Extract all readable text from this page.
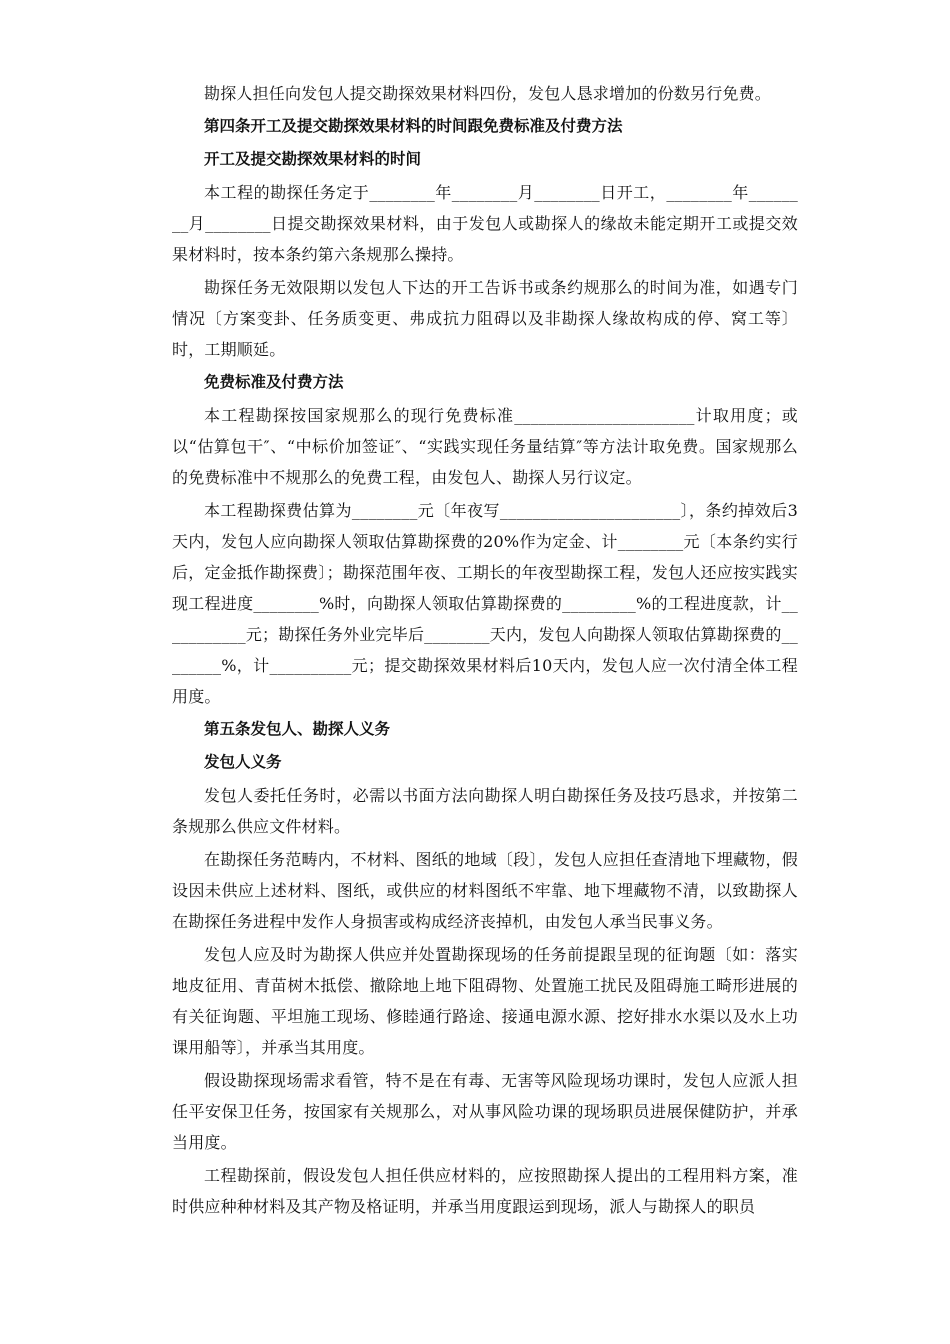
勘探人担任向发包人提交勘探效果材料四份，发包人恳求增加的份数另行免费。

第四条开工及提交勘探效果材料的时间跟免费标准及付费方法

开工及提交勘探效果材料的时间

本工程的勘探任务定于________年________月________日开工，________年________月________日提交勘探效果材料，由于发包人或勘探人的缘故未能定期开工或提交效果材料时，按本条约第六条规那么操持。

勘探任务无效限期以发包人下达的开工告诉书或条约规那么的时间为准，如遇专门情况〔方案变卦、任务质变更、弗成抗力阻碍以及非勘探人缘故构成的停、窝工等〕时，工期顺延。

免费标准及付费方法

本工程勘探按国家规那么的现行免费标准______________________计取用度；或以“估算包干″、“中标价加签证″、“实践实现任务量结算″等方法计取免费。国家规那么的免费标准中不规那么的免费工程，由发包人、勘探人另行议定。

本工程勘探费估算为________元〔年夜写______________________〕，条约掉效后3天内，发包人应向勘探人领取估算勘探费的20%作为定金、计________元〔本条约实行后，定金抵作勘探费〕；勘探范围年夜、工期长的年夜型勘探工程，发包人还应按实践实现工程进度________%时，向勘探人领取估算勘探费的_________%的工程进度款，计___________元；勘探任务外业完毕后________天内，发包人向勘探人领取估算勘探费的________%，计__________元；提交勘探效果材料后10天内，发包人应一次付清全体工程用度。

第五条发包人、勘探人义务

发包人义务

发包人委托任务时，必需以书面方法向勘探人明白勘探任务及技巧恳求，并按第二条规那么供应文件材料。

在勘探任务范畴内，不材料、图纸的地域〔段〕，发包人应担任查清地下埋藏物，假设因未供应上述材料、图纸，或供应的材料图纸不牢靠、地下埋藏物不清，以致勘探人在勘探任务进程中发作人身损害或构成经济丧掉机，由发包人承当民事义务。

发包人应及时为勘探人供应并处置勘探现场的任务前提跟呈现的征询题〔如：落实地皮征用、青苗树木抵偿、撤除地上地下阻碍物、处置施工扰民及阻碍施工畸形进展的有关征询题、平坦施工现场、修睦通行路途、接通电源水源、挖好排水水渠以及水上功课用船等〕，并承当其用度。

假设勘探现场需求看管，特不是在有毒、无害等风险现场功课时，发包人应派人担任平安保卫任务，按国家有关规那么，对从事风险功课的现场职员进展保健防护，并承当用度。

工程勘探前，假设发包人担任供应材料的，应按照勘探人提出的工程用料方案，准时供应种种材料及其产物及格证明，并承当用度跟运到现场，派人与勘探人的职员
